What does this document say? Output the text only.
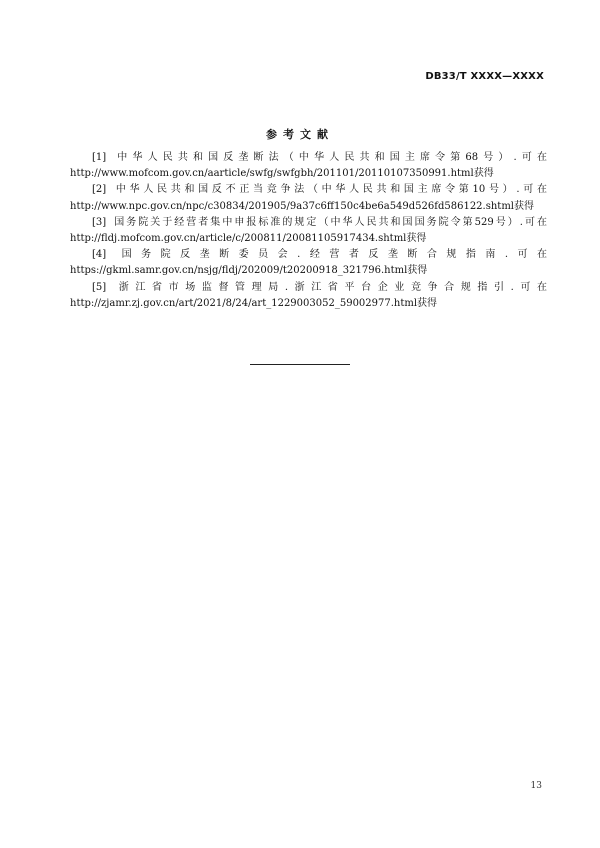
DB33/T XXXX—XXXX
参考文献
[1] 中华人民共和国反垄断法（中华人民共和国主席令第68号）.可在
http://www.mofcom.gov.cn/aarticle/swfg/swfgbh/201101/20110107350991.html获得
[2] 中华人民共和国反不正当竞争法（中华人民共和国主席令第10号）.可在
http://www.npc.gov.cn/npc/c30834/201905/9a37c6ff150c4be6a549d526fd586122.shtml获得
[3] 国务院关于经营者集中申报标准的规定（中华人民共和国国务院令第529号）.可在
http://fldj.mofcom.gov.cn/article/c/200811/20081105917434.shtml获得
[4] 国务院反垄断委员会.经营者反垄断合规指南.可在
https://gkml.samr.gov.cn/nsjg/fldj/202009/t20200918_321796.html获得
[5] 浙江省市场监督管理局.浙江省平台企业竞争合规指引.可在
http://zjamr.zj.gov.cn/art/2021/8/24/art_1229003052_59002977.html获得
13
